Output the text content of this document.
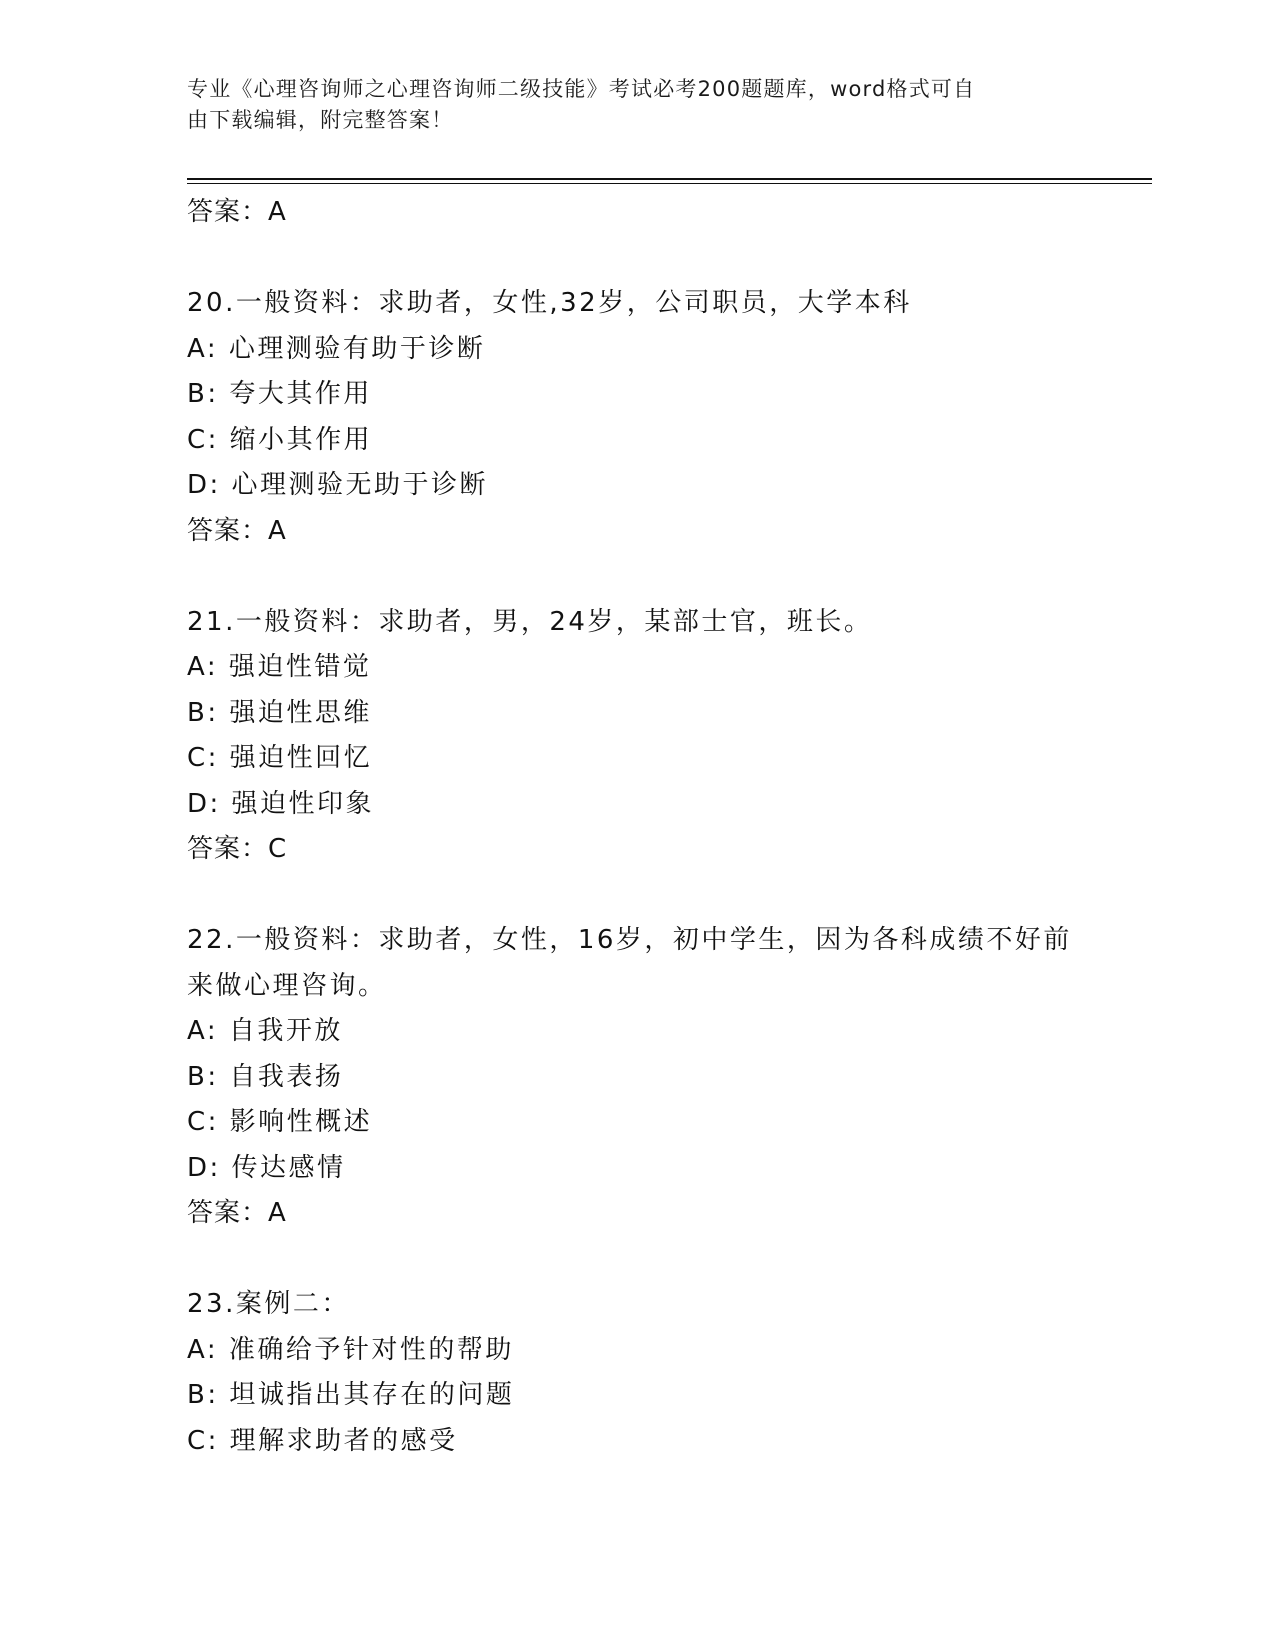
专业《心理咨询师之心理咨询师二级技能》考试必考200题题库，word格式可自
由下载编辑，附完整答案！
答案：A
20.一般资料：求助者，女性,32岁，公司职员，大学本科
A: 心理测验有助于诊断
B: 夸大其作用
C: 缩小其作用
D: 心理测验无助于诊断
答案：A
21.一般资料：求助者，男，24岁，某部士官，班长。
A: 强迫性错觉
B: 强迫性思维
C: 强迫性回忆
D: 强迫性印象
答案：C
22.一般资料：求助者，女性，16岁，初中学生，因为各科成绩不好前
来做心理咨询。
A: 自我开放
B: 自我表扬
C: 影响性概述
D: 传达感情
答案：A
23.案例二：
A: 准确给予针对性的帮助
B: 坦诚指出其存在的问题
C: 理解求助者的感受
